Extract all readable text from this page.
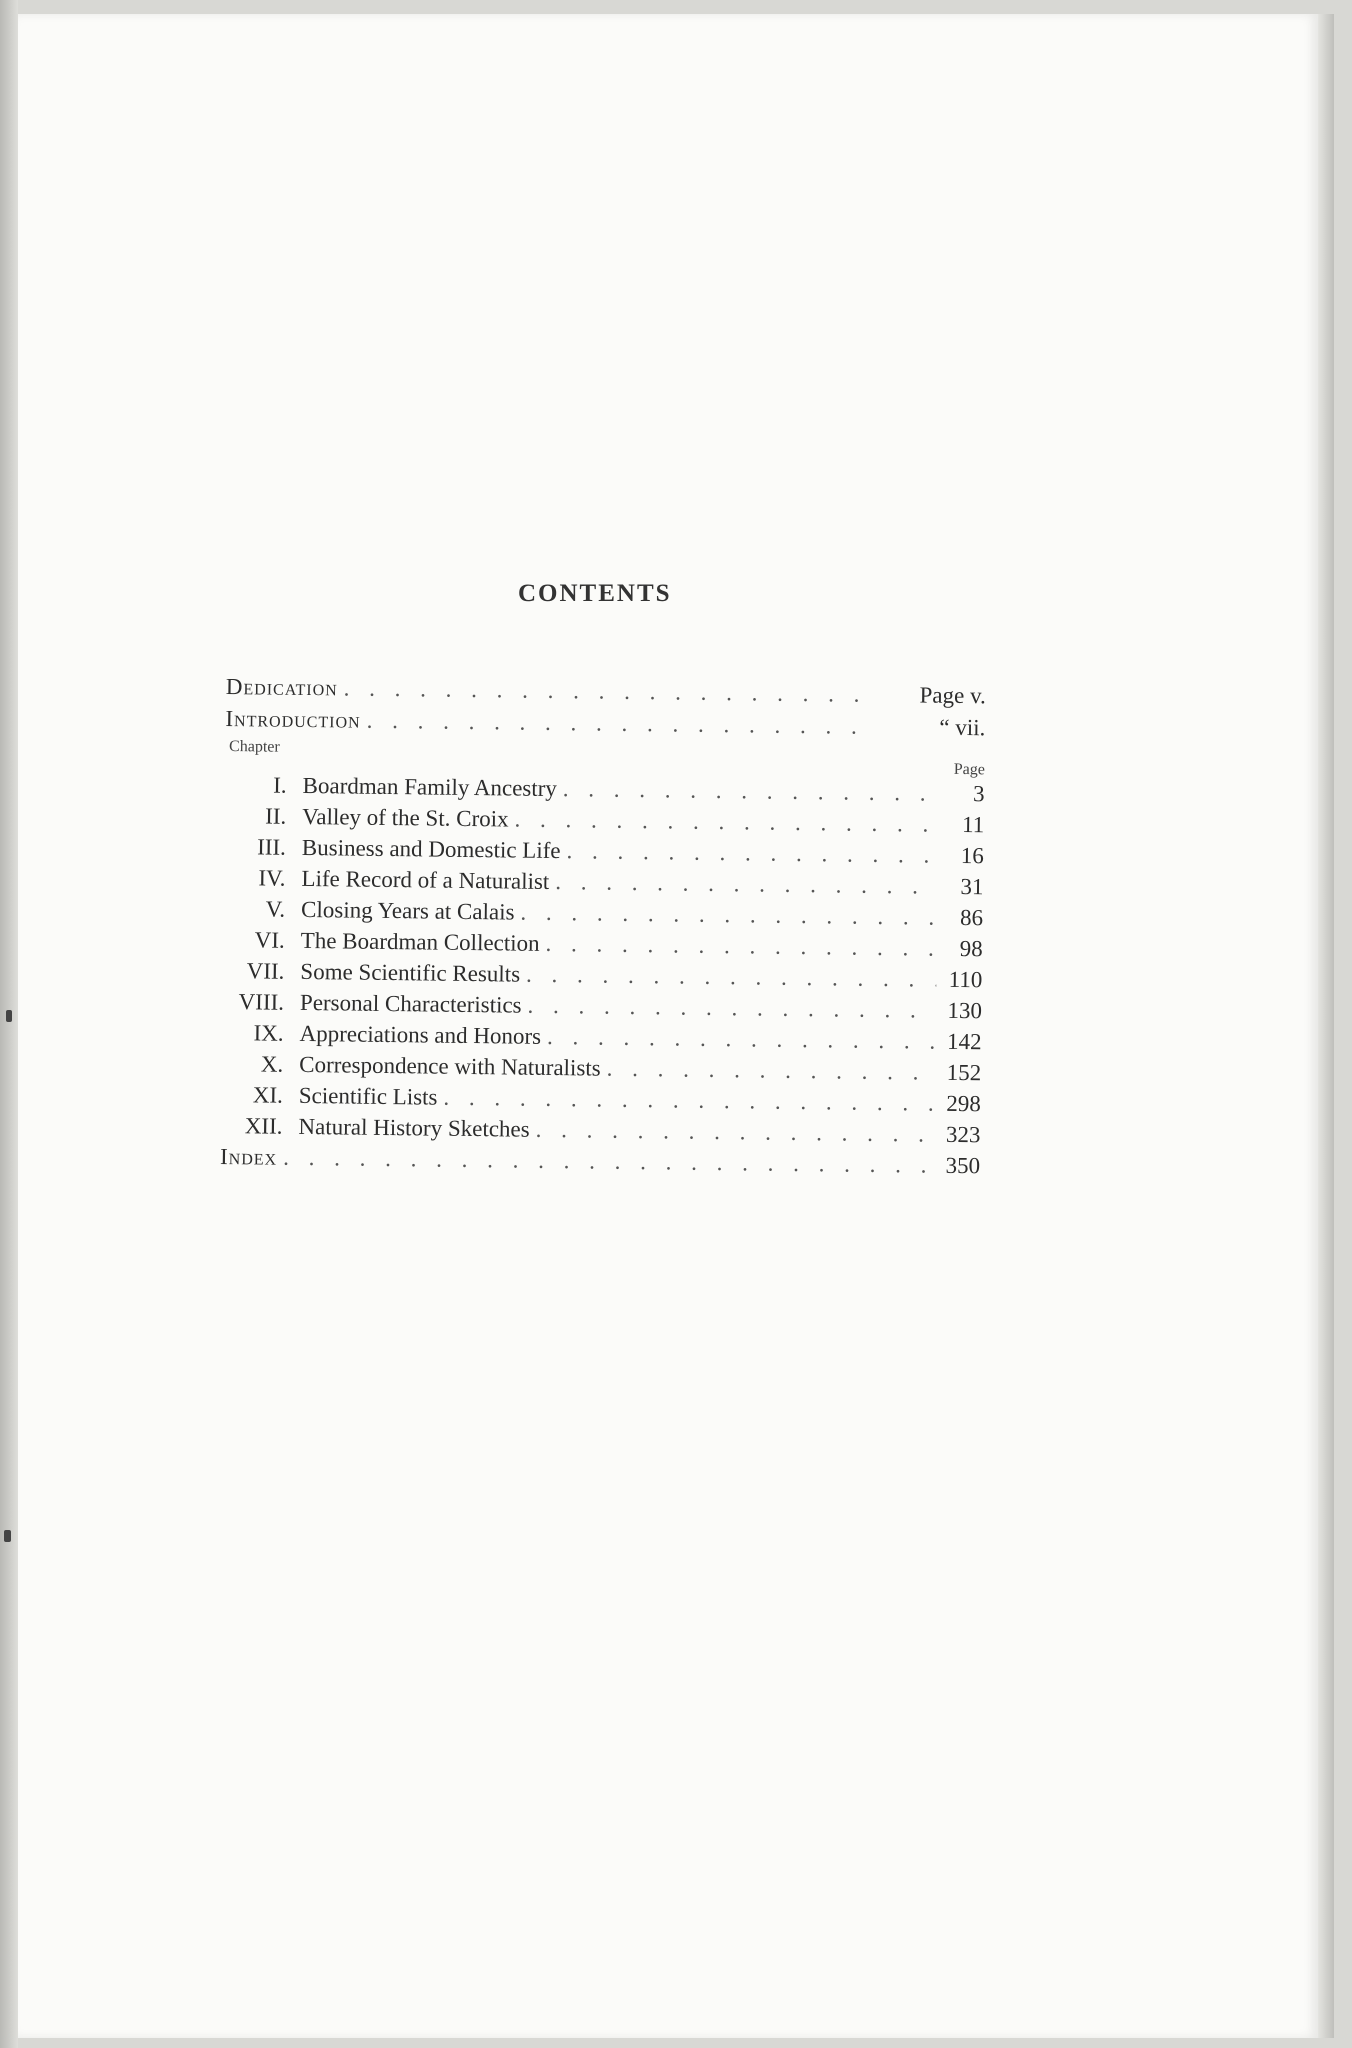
CONTENTS
Dedication . . .	Page v.
Introduction . . .	“ vii.
Chapter
Page
I. Boardman Family Ancestry . . .	3
II. Valley of the St. Croix . . .	11
III. Business and Domestic Life . . .	16
IV. Life Record of a Naturalist . . .	31
V. Closing Years at Calais . . .	86
VI. The Boardman Collection . . .	98
VII. Some Scientific Results . . .	110
VIII. Personal Characteristics . . .	130
IX. Appreciations and Honors . . .	142
X. Correspondence with Naturalists . . .	152
XI. Scientific Lists . . .	298
XII. Natural History Sketches . . .	323
Index . . .	350
